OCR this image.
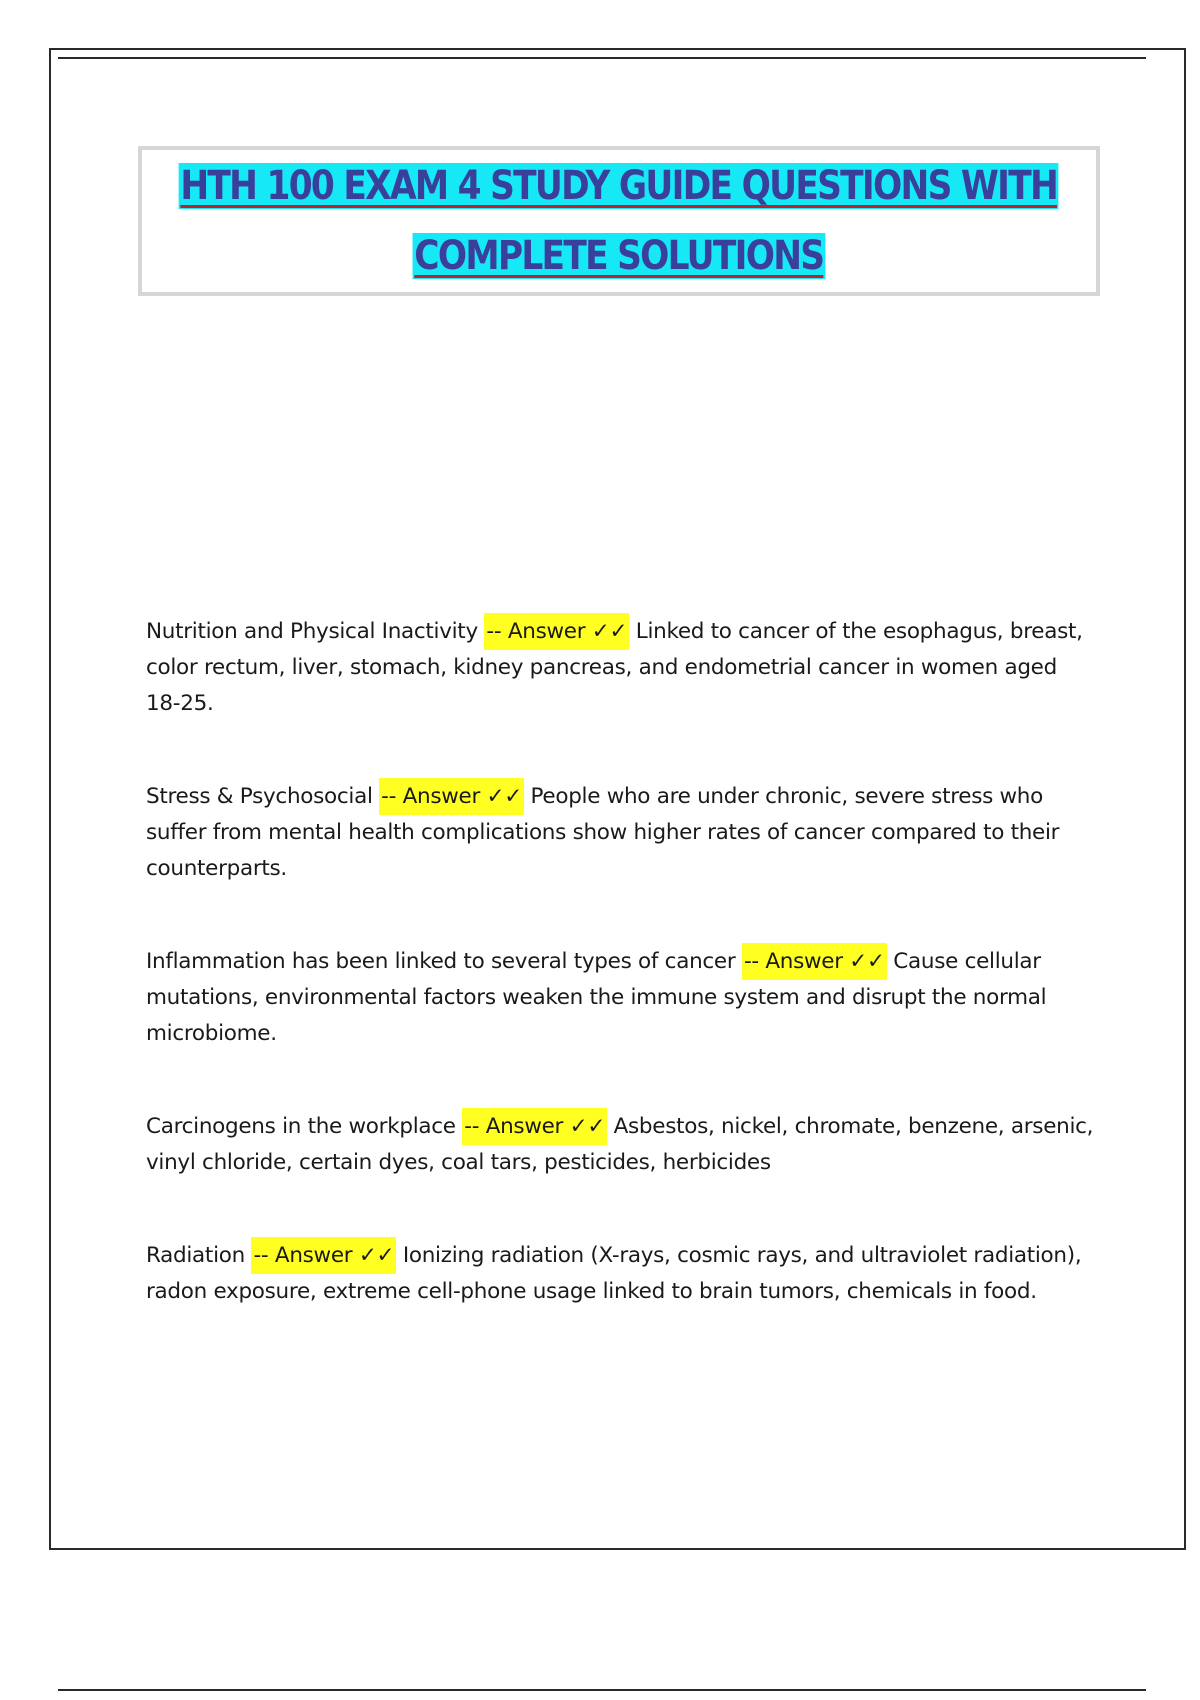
HTH 100 EXAM 4 STUDY GUIDE QUESTIONS WITH
COMPLETE SOLUTIONS

Nutrition and Physical Inactivity -- Answer ✓✓ Linked to cancer of the esophagus, breast, color rectum, liver, stomach, kidney pancreas, and endometrial cancer in women aged 18-25.

Stress & Psychosocial -- Answer ✓✓ People who are under chronic, severe stress who suffer from mental health complications show higher rates of cancer compared to their counterparts.

Inflammation has been linked to several types of cancer -- Answer ✓✓ Cause cellular mutations, environmental factors weaken the immune system and disrupt the normal microbiome.

Carcinogens in the workplace -- Answer ✓✓ Asbestos, nickel, chromate, benzene, arsenic, vinyl chloride, certain dyes, coal tars, pesticides, herbicides

Radiation -- Answer ✓✓ Ionizing radiation (X-rays, cosmic rays, and ultraviolet radiation), radon exposure, extreme cell-phone usage linked to brain tumors, chemicals in food.
